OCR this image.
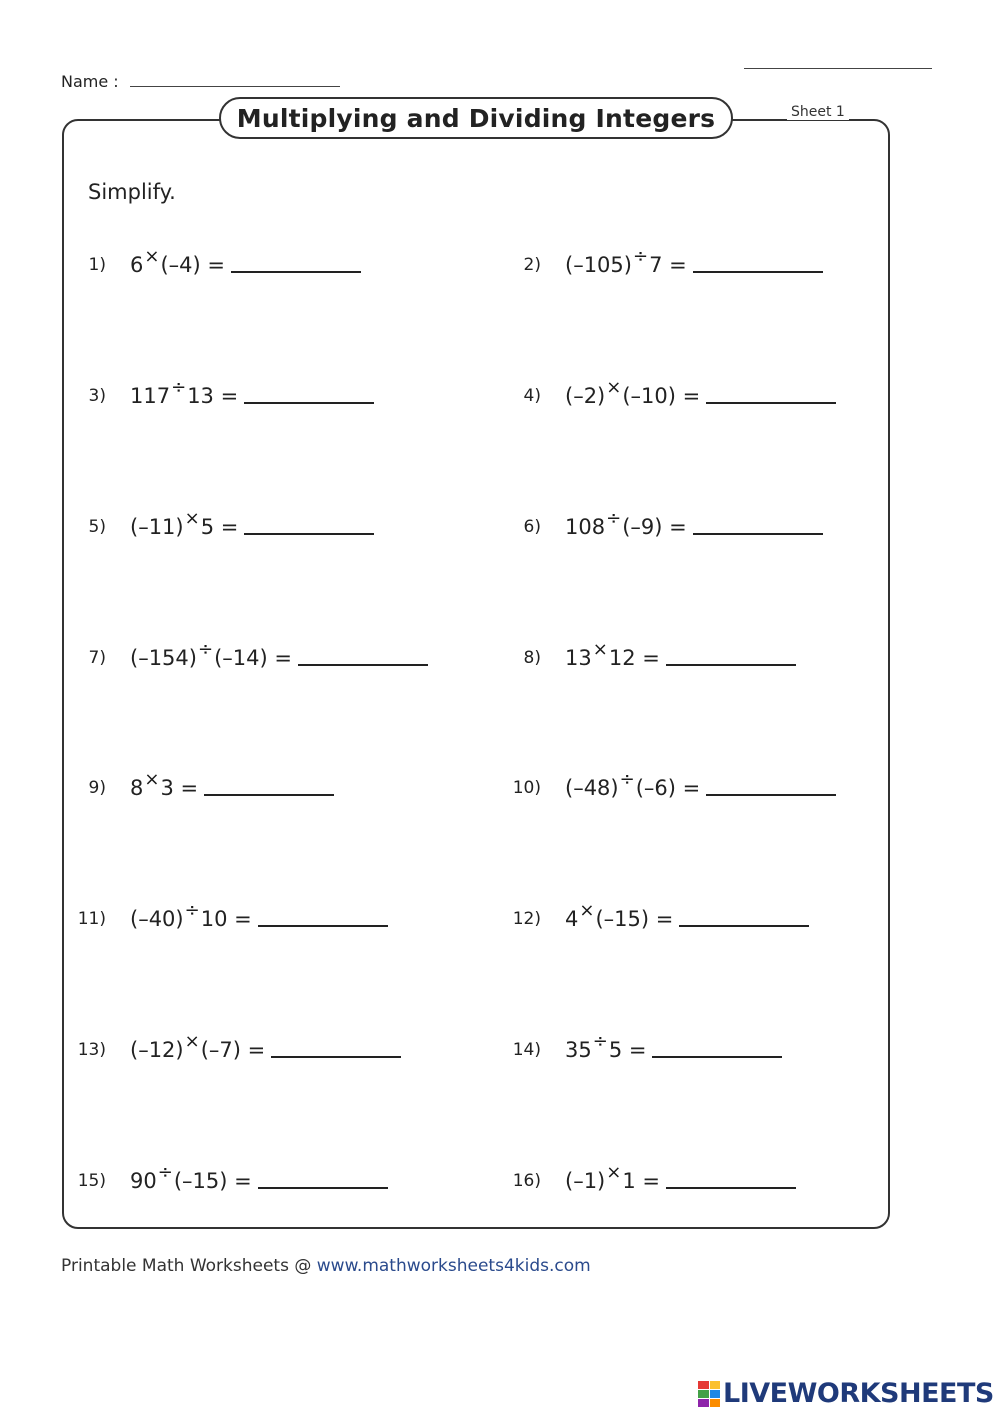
Name :
Multiplying and Dividing Integers	Sheet 1
Simplify.
1) 6 × (–4) =
3) 117 ÷ 13 =
5) (–11) × 5 =
7) (–154) ÷ (–14) =
9) 8 × 3 =
11) (–40) ÷ 10 =
13) (–12) × (–7) =
15) 90 ÷ (–15) =
2) (–105) ÷ 7 =
4) (–2) × (–10) =
6) 108 ÷ (–9) =
8) 13 × 12 =
10) (–48) ÷ (–6) =
12) 4 × (–15) =
14) 35 ÷ 5 =
16) (–1) × 1 =
Printable Math Worksheets @ www.mathworksheets4kids.com
LIVEWORKSHEETS
